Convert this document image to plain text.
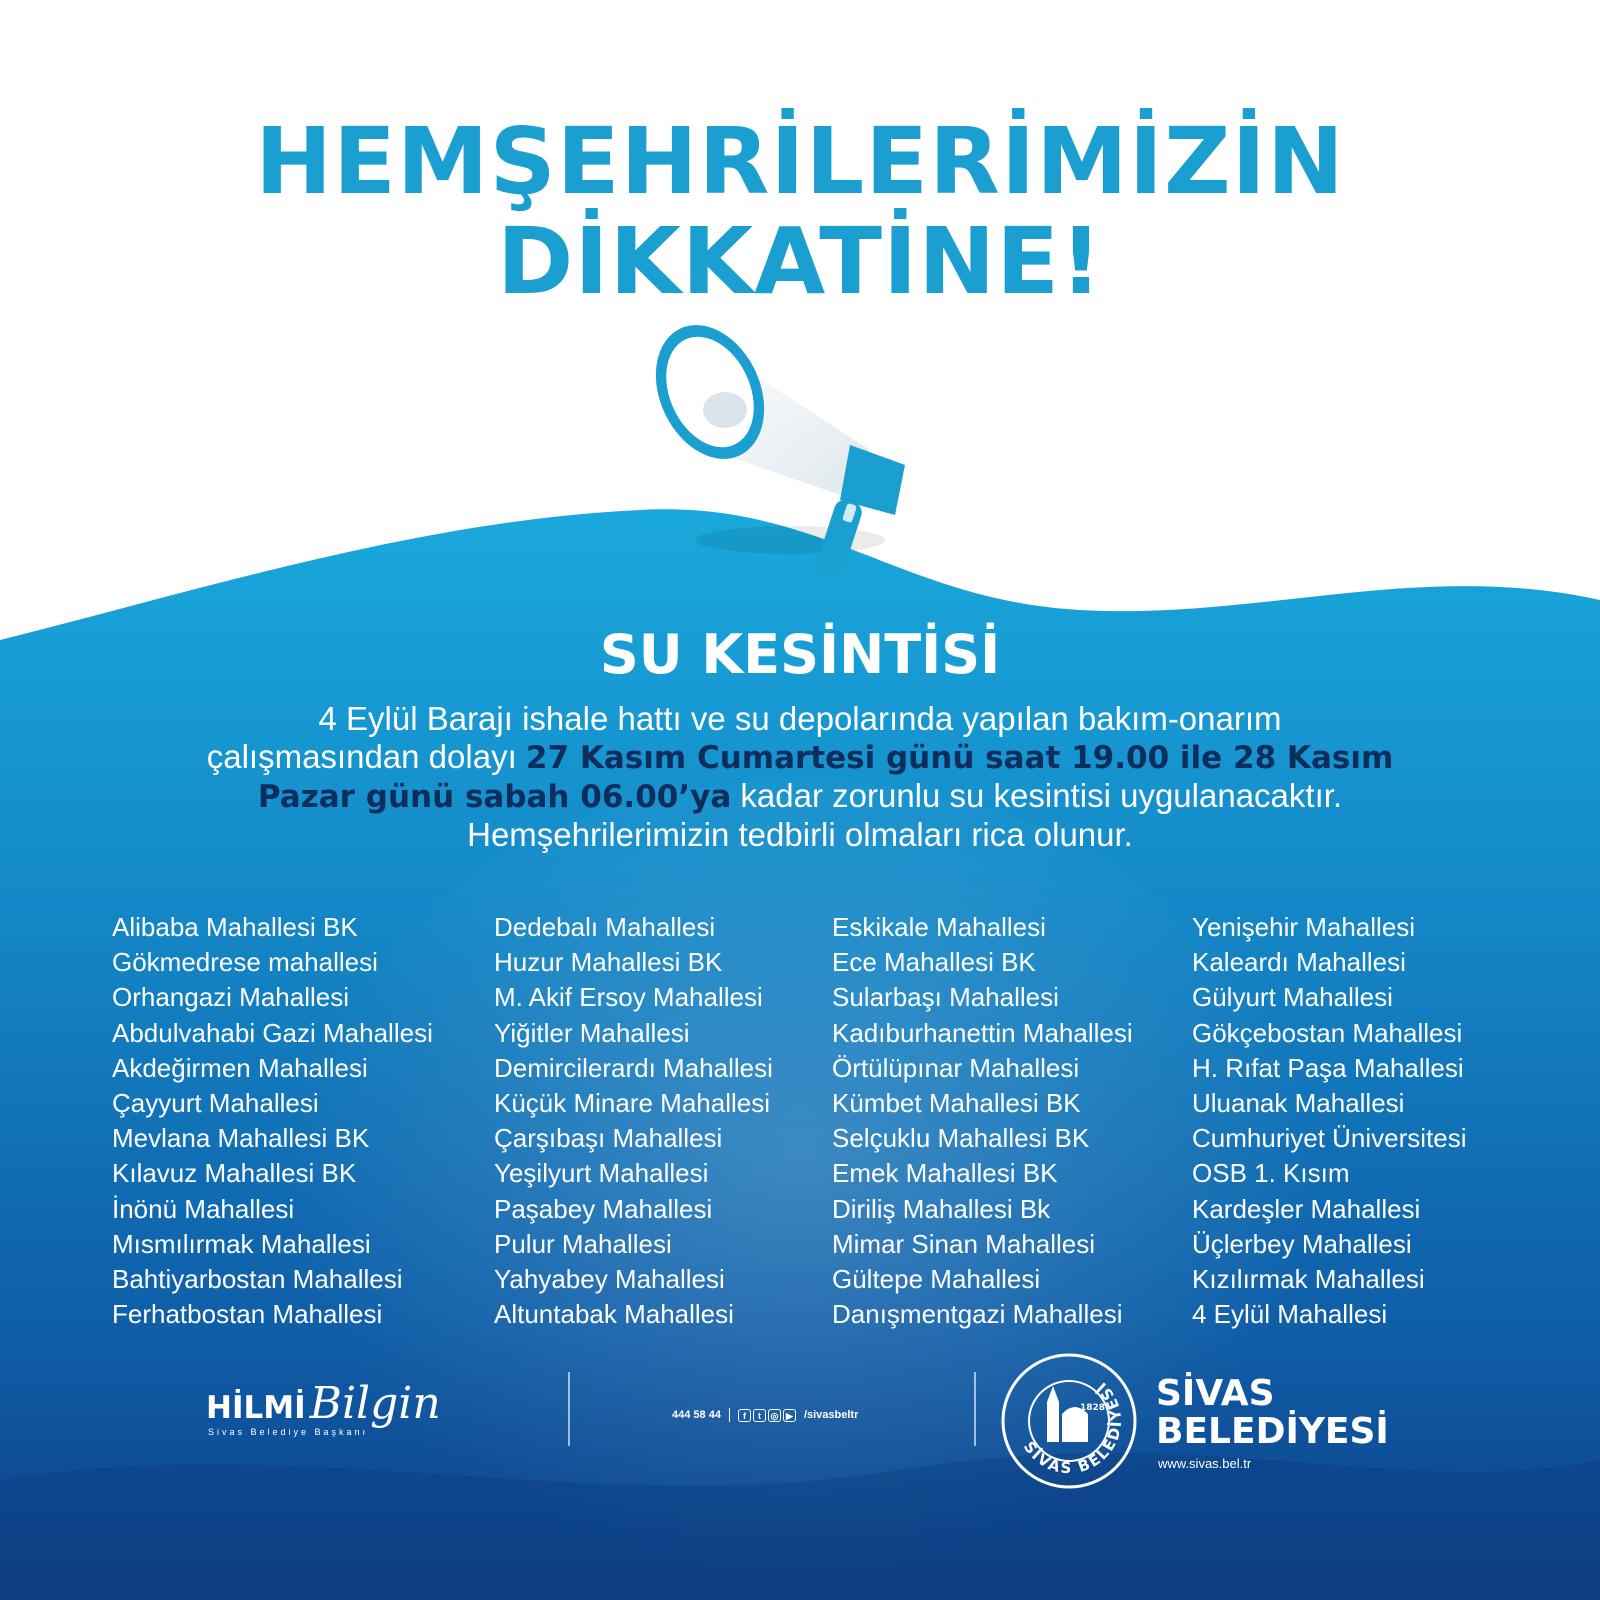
HEMŞEHRİLERİMİZİN
DİKKATİNE!
SU KESİNTİSİ
4 Eylül Barajı ishale hattı ve su depolarında yapılan bakım-onarım
çalışmasından dolayı 27 Kasım Cumartesi günü saat 19.00 ile 28 Kasım
Pazar günü sabah 06.00’ya kadar zorunlu su kesintisi uygulanacaktır.
Hemşehrilerimizin tedbirli olmaları rica olunur.
Alibaba Mahallesi BK
Gökmedrese mahallesi
Orhangazi Mahallesi
Abdulvahabi Gazi Mahallesi
Akdeğirmen Mahallesi
Çayyurt Mahallesi
Mevlana Mahallesi BK
Kılavuz Mahallesi BK
İnönü Mahallesi
Mısmılırmak Mahallesi
Bahtiyarbostan Mahallesi
Ferhatbostan Mahallesi
Dedebalı Mahallesi
Huzur Mahallesi BK
M. Akif Ersoy Mahallesi
Yiğitler Mahallesi
Demircilerardı Mahallesi
Küçük Minare Mahallesi
Çarşıbaşı Mahallesi
Yeşilyurt Mahallesi
Paşabey Mahallesi
Pulur Mahallesi
Yahyabey Mahallesi
Altuntabak Mahallesi
Eskikale Mahallesi
Ece Mahallesi BK
Sularbaşı Mahallesi
Kadıburhanettin Mahallesi
Örtülüpınar Mahallesi
Kümbet Mahallesi BK
Selçuklu Mahallesi BK
Emek Mahallesi BK
Diriliş Mahallesi Bk
Mimar Sinan Mahallesi
Gültepe Mahallesi
Danışmentgazi Mahallesi
Yenişehir Mahallesi
Kaleardı Mahallesi
Gülyurt Mahallesi
Gökçebostan Mahallesi
H. Rıfat Paşa Mahallesi
Uluanak Mahallesi
Cumhuriyet Üniversitesi
OSB 1. Kısım
Kardeşler Mahallesi
Üçlerbey Mahallesi
Kızılırmak Mahallesi
4 Eylül Mahallesi
HİLMİBilgin
Sivas Belediye Başkanı
444 58 44	f	t	◎ ▶ /sivasbeltr
SİVAS BELEDİYESİ
1828 SİVAS
BELEDİYESİ
www.sivas.bel.tr
